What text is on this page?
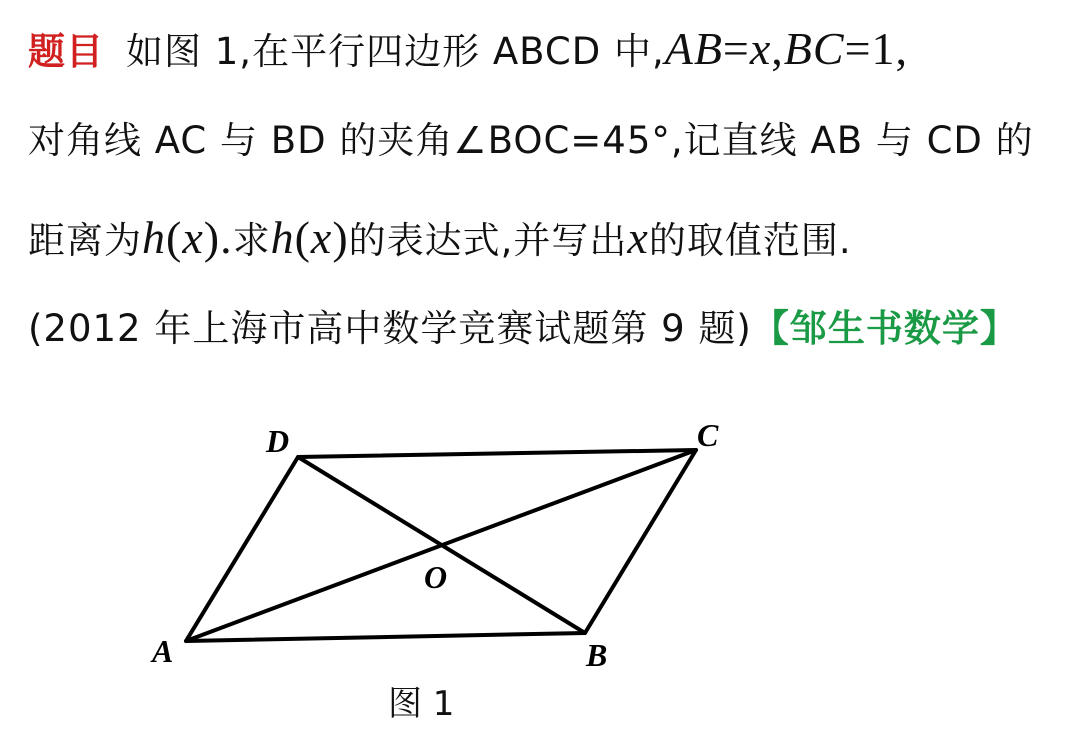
题目 如图 1,在平行四边形 ABCD 中,AB=x,BC=1,
对角线 AC 与 BD 的夹角∠BOC=45°,记直线 AB 与 CD 的
距离为h(x).求h(x)的表达式,并写出x的取值范围.
(2012 年上海市高中数学竞赛试题第 9 题)【邹生书数学】
A	B
C
D
O
图 1
